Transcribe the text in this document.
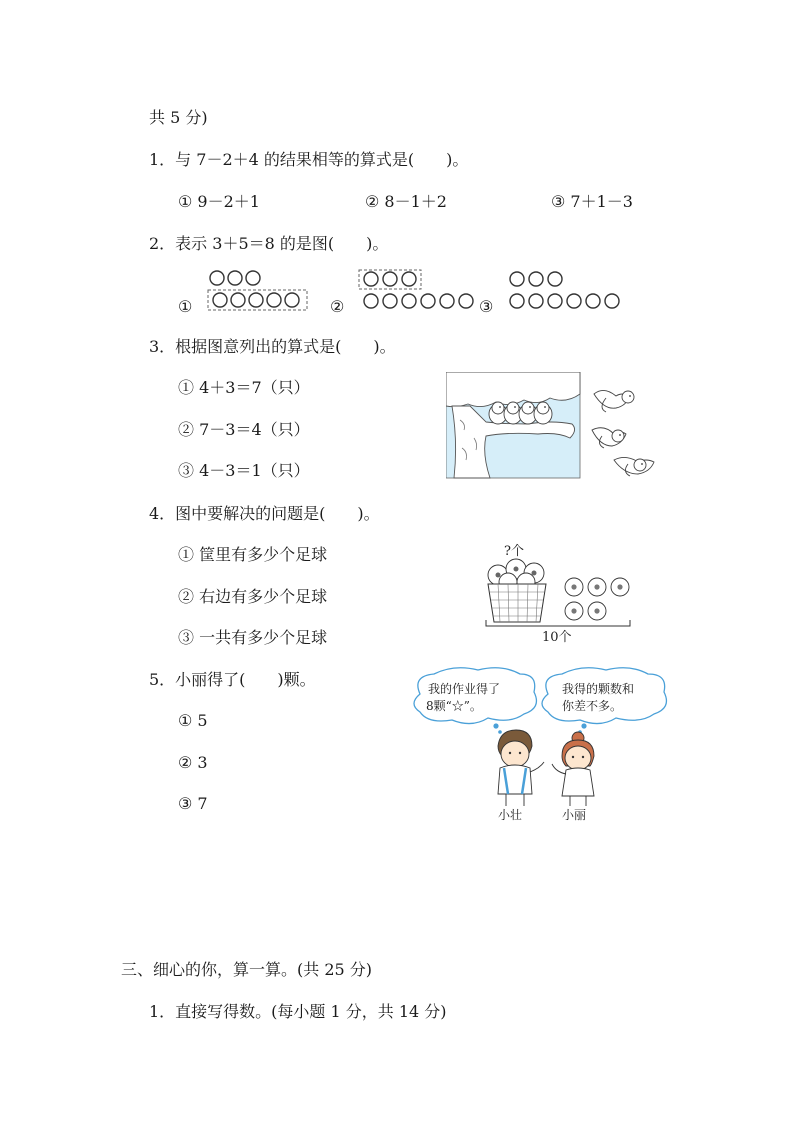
共 5 分)
1．与 7－2＋4 的结果相等的算式是(　　)。
① 9－2＋1	② 8－1＋2	③ 7＋1－3
2．表示 3＋5＝8 的是图(　　)。
①	②	③
3．根据图意列出的算式是(　　)。
① 4＋3＝7（只）
② 7－3＝4（只）
③ 4－3＝1（只）
4．图中要解决的问题是(　　)。
① 筐里有多少个足球
② 右边有多少个足球
③ 一共有多少个足球
?个
10个
5．小丽得了(　　)颗。
① 5
② 3
③ 7
我的作业得了
8颗“☆”。
我得的颗数和
你差不多。
小壮	小丽
三、细心的你，算一算。(共 25 分)
1．直接写得数。(每小题 1 分，共 14 分)
